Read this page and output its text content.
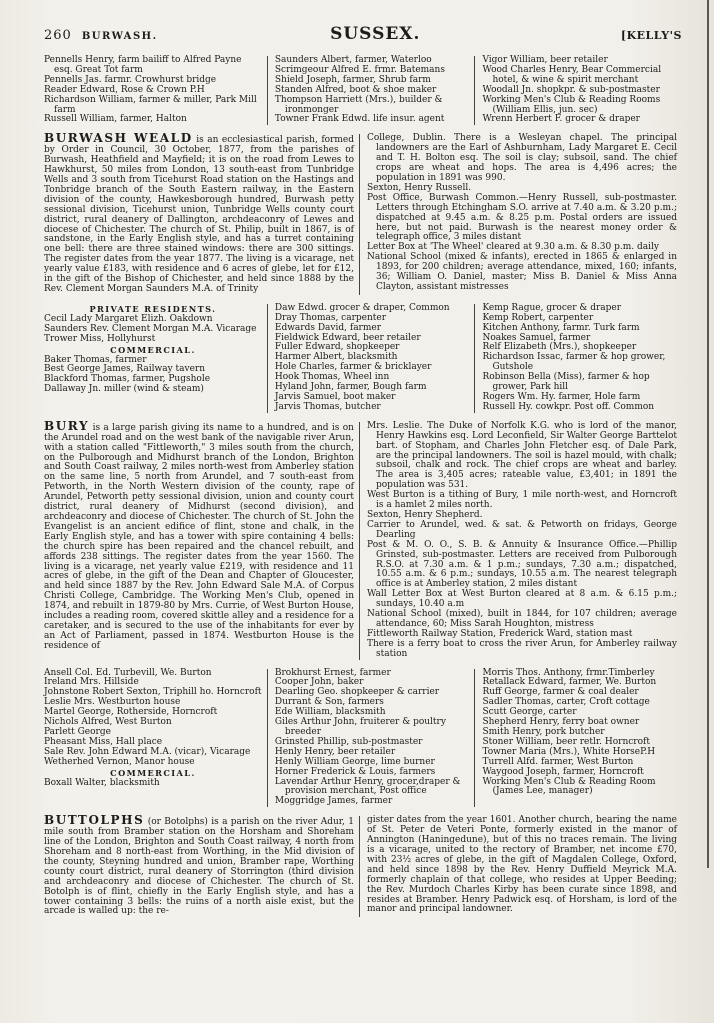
260 BURWASH.	SUSSEX.	[KELLY'S
Pennells Henry, farm bailiff to Alfred Payne esq. Great Tot farm
Pennells Jas. farmr. Crowhurst bridge
Reader Edward, Rose & Crown P.H
Richardson William, farmer & miller, Park Mill farm
Russell William, farmer, Halton
Saunders Albert, farmer, Waterloo
Scrimgeour Alfred E. frmr. Batemans
Shield Joseph, farmer, Shrub farm
Standen Alfred, boot & shoe maker
Thompson Harriett (Mrs.), builder & ironmonger
Towner Frank Edwd. life insur. agent
Vigor William, beer retailer
Wood Charles Henry, Bear Commercial hotel, & wine & spirit merchant
Woodall Jn. shopkpr. & sub-postmaster
Working Men's Club & Reading Rooms (William Ellis, jun. sec)
Wrenn Herbert F. grocer & draper

BURWASH WEALD is an ecclesiastical parish, formed by Order in Council, 30 October, 1877, from the parishes of Burwash, Heathfield and Mayfield; it is on the road from Lewes to Hawkhurst, 50 miles from London, 13 south-east from Tunbridge Wells and 3 south from Ticehurst Road station on the Hastings and Tonbridge branch of the South Eastern railway, in the Eastern division of the county, Hawkesborough hundred, Burwash petty sessional division, Ticehurst union, Tunbridge Wells county court district, rural deanery of Dallington, archdeaconry of Lewes and diocese of Chichester. The church of St. Philip, built in 1867, is of sandstone, in the Early English style, and has a turret containing one bell: there are three stained windows: there are 300 sittings. The register dates from the year 1877. The living is a vicarage, net yearly value £183, with residence and 6 acres of glebe, let for £12, in the gift of the Bishop of Chichester, and held since 1888 by the Rev. Clement Morgan Saunders M.A. of Trinity

College, Dublin. There is a Wesleyan chapel. The principal landowners are the Earl of Ashburnham, Lady Margaret E. Cecil and T. H. Bolton esq. The soil is clay; subsoil, sand. The chief crops are wheat and hops. The area is 4,496 acres; the population in 1891 was 990.
Sexton, Henry Russell.
Post Office, Burwash Common.—Henry Russell, sub-postmaster. Letters through Etchingham S.O. arrive at 7.40 a.m. & 3.20 p.m.; dispatched at 9.45 a.m. & 8.25 p.m. Postal orders are issued here, but not paid. Burwash is the nearest money order & telegraph office, 3 miles distant
Letter Box at 'The Wheel' cleared at 9.30 a.m. & 8.30 p.m. daily
National School (mixed & infants), erected in 1865 & enlarged in 1893, for 200 children; average attendance, mixed, 160; infants, 36; William O. Daniel, master; Miss B. Daniel & Miss Anna Clayton, assistant mistresses
PRIVATE RESIDENTS.
Cecil Lady Margaret Elizh. Oakdown
Saunders Rev. Clement Morgan M.A. Vicarage
Trower Miss, Hollyhurst
COMMERCIAL.
Baker Thomas, farmer
Best George James, Railway tavern
Blackford Thomas, farmer, Pugshole
Dallaway Jn. miller (wind & steam)
Daw Edwd. grocer & draper, Common
Dray Thomas, carpenter
Edwards David, farmer
Fieldwick Edward, beer retailer
Fuller Edward, shopkeeper
Harmer Albert, blacksmith
Hole Charles, farmer & bricklayer
Hook Thomas, Wheel inn
Hyland John, farmer, Bough farm
Jarvis Samuel, boot maker
Jarvis Thomas, butcher
Kemp Rague, grocer & draper
Kemp Robert, carpenter
Kitchen Anthony, farmr. Turk farm
Noakes Samuel, farmer
Relf Elizabeth (Mrs.), shopkeeper
Richardson Issac, farmer & hop grower, Gutshole
Robinson Bella (Miss), farmer & hop grower, Park hill
Rogers Wm. Hy. farmer, Hole farm
Russell Hy. cowkpr. Post off. Common

BURY is a large parish giving its name to a hundred, and is on the Arundel road and on the west bank of the navigable river Arun, with a station called "Fittleworth," 3 miles south from the church, on the Pulborough and Midhurst branch of the London, Brighton and South Coast railway, 2 miles north-west from Amberley station on the same line, 5 north from Arundel, and 7 south-east from Petworth, in the North Western division of the county, rape of Arundel, Petworth petty sessional division, union and county court district, rural deanery of Midhurst (second division), and archdeaconry and diocese of Chichester. The church of St. John the Evangelist is an ancient edifice of flint, stone and chalk, in the Early English style, and has a tower with spire containing 4 bells: the church spire has been repaired and the chancel rebuilt, and affords 238 sittings. The register dates from the year 1560. The living is a vicarage, net yearly value £219, with residence and 11 acres of glebe, in the gift of the Dean and Chapter of Gloucester, and held since 1887 by the Rev. John Edward Sale M.A. of Corpus Christi College, Cambridge. The Working Men's Club, opened in 1874, and rebuilt in 1879-80 by Mrs. Currie, of West Burton House, includes a reading room, covered skittle alley and a residence for a caretaker, and is secured to the use of the inhabitants for ever by an Act of Parliament, passed in 1874. Westburton House is the residence of

Mrs. Leslie. The Duke of Norfolk K.G. who is lord of the manor, Henry Hawkins esq. Lord Leconfield, Sir Walter George Barttelot bart. of Stopham, and Charles John Fletcher esq. of Dale Park, are the principal landowners. The soil is hazel mould, with chalk; subsoil, chalk and rock. The chief crops are wheat and barley. The area is 3,405 acres; rateable value, £3,401; in 1891 the population was 531.
West Burton is a tithing of Bury, 1 mile north-west, and Horncroft is a hamlet 2 miles north.
Sexton, Henry Shepherd.
Carrier to Arundel, wed. & sat. & Petworth on fridays, George Dearling
Post & M. O. O., S. B. & Annuity & Insurance Office.—Phillip Grinsted, sub-postmaster. Letters are received from Pulborough R.S.O. at 7.30 a.m. & 1 p.m.; sundays, 7.30 a.m.; dispatched, 10.55 a.m. & 6 p.m.; sundays, 10.55 a.m. The nearest telegraph office is at Amberley station, 2 miles distant
Wall Letter Box at West Burton cleared at 8 a.m. & 6.15 p.m.; sundays, 10.40 a.m
National School (mixed), built in 1844, for 107 children; average attendance, 60; Miss Sarah Houghton, mistress
Fittleworth Railway Station, Frederick Ward, station mast
There is a ferry boat to cross the river Arun, for Amberley railway station
Ansell Col. Ed. Turbevill, We. Burton
Ireland Mrs. Hillside
Johnstone Robert Sexton, Triphill ho. Horncroft
Leslie Mrs. Westburton house
Martel George, Rotherside, Horncroft
Nichols Alfred, West Burton
Parlett George
Pheasant Miss, Hall place
Sale Rev. John Edward M.A. (vicar), Vicarage
Wetherhed Vernon, Manor house
COMMERCIAL.
Boxall Walter, blacksmith
Brokhurst Ernest, farmer
Cooper John, baker
Dearling Geo. shopkeeper & carrier
Durrant & Son, farmers
Ede William, blacksmith
Giles Arthur John, fruiterer & poultry breeder
Grinsted Phillip, sub-postmaster
Henly Henry, beer retailer
Henly William George, lime burner
Horner Frederick & Louis, farmers
Lavendar Arthur Henry, grocer,draper & provision merchant, Post office
Moggridge James, farmer
Morris Thos. Anthony, frmr.Timberley
Retallack Edward, farmer, We. Burton
Ruff George, farmer & coal dealer
Sadler Thomas, carter, Croft cottage
Scutt George, carter
Shepherd Henry, ferry boat owner
Smith Henry, pork butcher
Stoner William, beer retlr. Horncroft
Towner Maria (Mrs.), White HorseP.H
Turrell Alfd. farmer, West Burton
Waygood Joseph, farmer, Horncroft
Working Men's Club & Reading Room (James Lee, manager)

BUTTOLPHS (or Botolphs) is a parish on the river Adur, 1 mile south from Bramber station on the Horsham and Shoreham line of the London, Brighton and South Coast railway, 4 north from Shoreham and 8 north-east from Worthing, in the Mid division of the county, Steyning hundred and union, Bramber rape, Worthing county court district, rural deanery of Storrington (third division and archdeaconry and diocese of Chichester. The church of St. Botolph is of flint, chiefly in the Early English style, and has a tower containing 3 bells: the ruins of a north aisle exist, but the arcade is walled up: the re-

gister dates from the year 1601. Another church, bearing the name of St. Peter de Veteri Ponte, formerly existed in the manor of Annington (Haningedune), but of this no traces remain. The living is a vicarage, united to the rectory of Bramber, net income £70, with 23½ acres of glebe, in the gift of Magdalen College, Oxford, and held since 1898 by the Rev. Henry Duffield Meyrick M.A. formerly chaplain of that college, who resides at Upper Beeding; the Rev. Murdoch Charles Kirby has been curate since 1898, and resides at Bramber. Henry Padwick esq. of Horsham, is lord of the manor and principal landowner.
